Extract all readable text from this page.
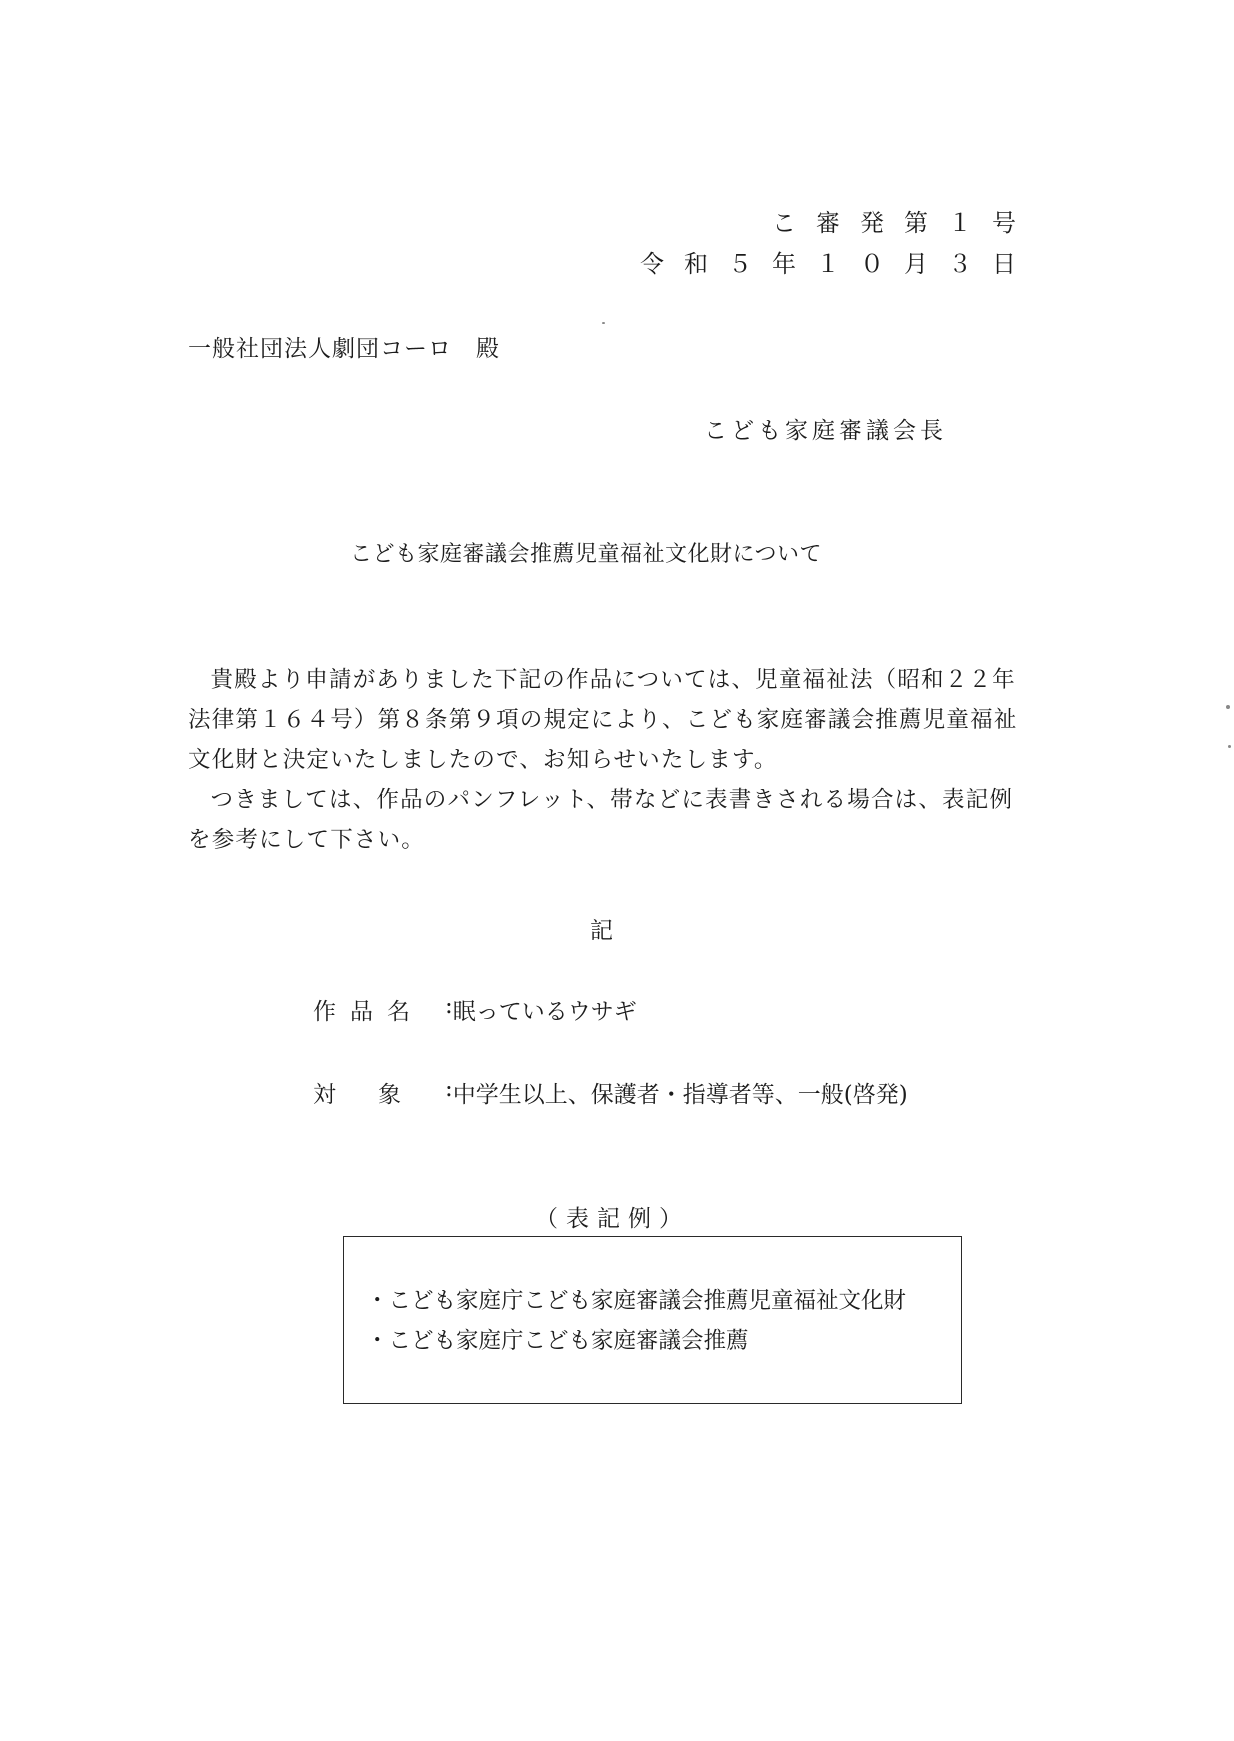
こ審発第１号
令和５年１０月３日
一般社団法人劇団コーロ　殿
こども家庭審議会長
こども家庭審議会推薦児童福祉文化財について

貴殿より申請がありました下記の作品については、児童福祉法（昭和２２年法律第１６４号）第８条第９項の規定により、こども家庭審議会推薦児童福祉文化財と決定いたしましたので、お知らせいたします。

つきましては、作品のパンフレット、帯などに表書きされる場合は、表記例を参考にして下さい。

記
作品名 : 眠っているウサギ
対象 : 中学生以上、保護者・指導者等、一般(啓発)
（表記例）
・こども家庭庁こども家庭審議会推薦児童福祉文化財
・こども家庭庁こども家庭審議会推薦
